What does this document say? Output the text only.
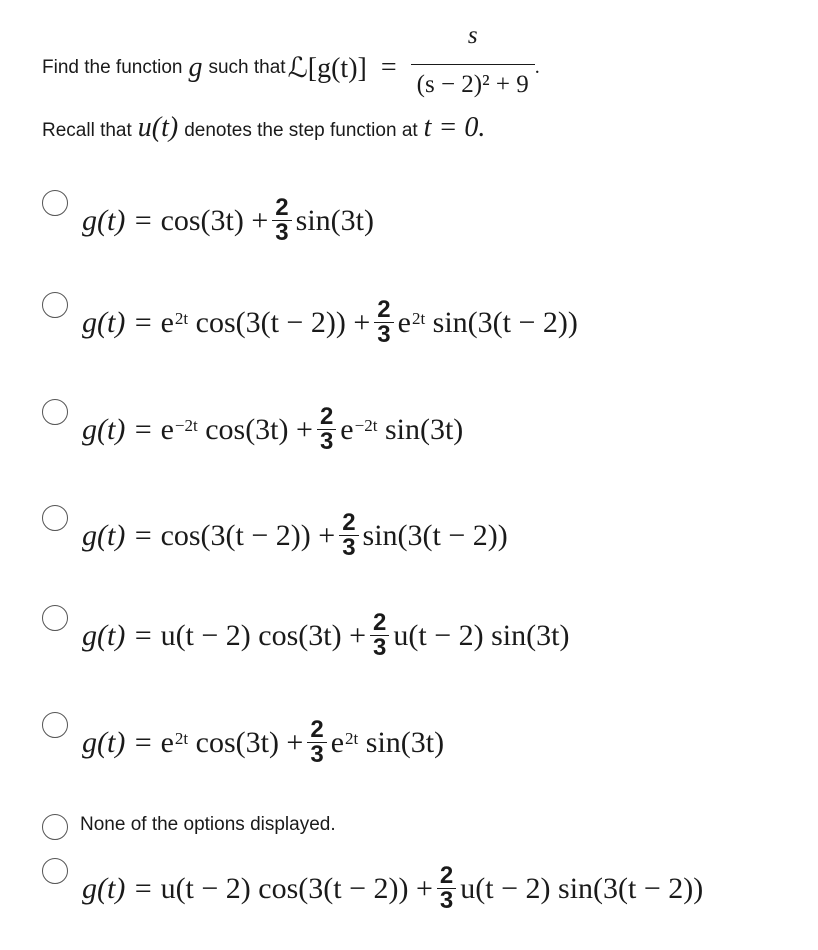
Find the function g such that ℒ[g(t)] = $\frac{s}{\text{(s − 2)² + 9}}$ .
Recall that u(t) denotes the step function at t = 0.
g(t) =
$\cos(3t) + \frac{2}{3} \sin(3t)$
g(t) =
$e^{2t}$
$\cos(3(t - 2)) + \frac{2}{3} e^{2t}$
sin(3(t − 2))
g(t) =
$e^{-2t}$
$\cos(3t) + \frac{2}{3} e^{-2t}$
sin(3t)
g(t) =
$\cos(3(t - 2)) + \frac{2}{3} \sin(3(t - 2))$
g(t) =
u(t − 2) $\cos(3t) + \frac{2}{3} u(t - 2)$ sin(3t)
g(t) =
$e^{2t}$
$\cos(3t) + \frac{2}{3} e^{2t}$
sin(3t)
None of the options displayed.
g(t) =
u(t − 2) $\cos(3(t - 2)) + \frac{2}{3} u(t - 2) \sin(3(t - 2))$
